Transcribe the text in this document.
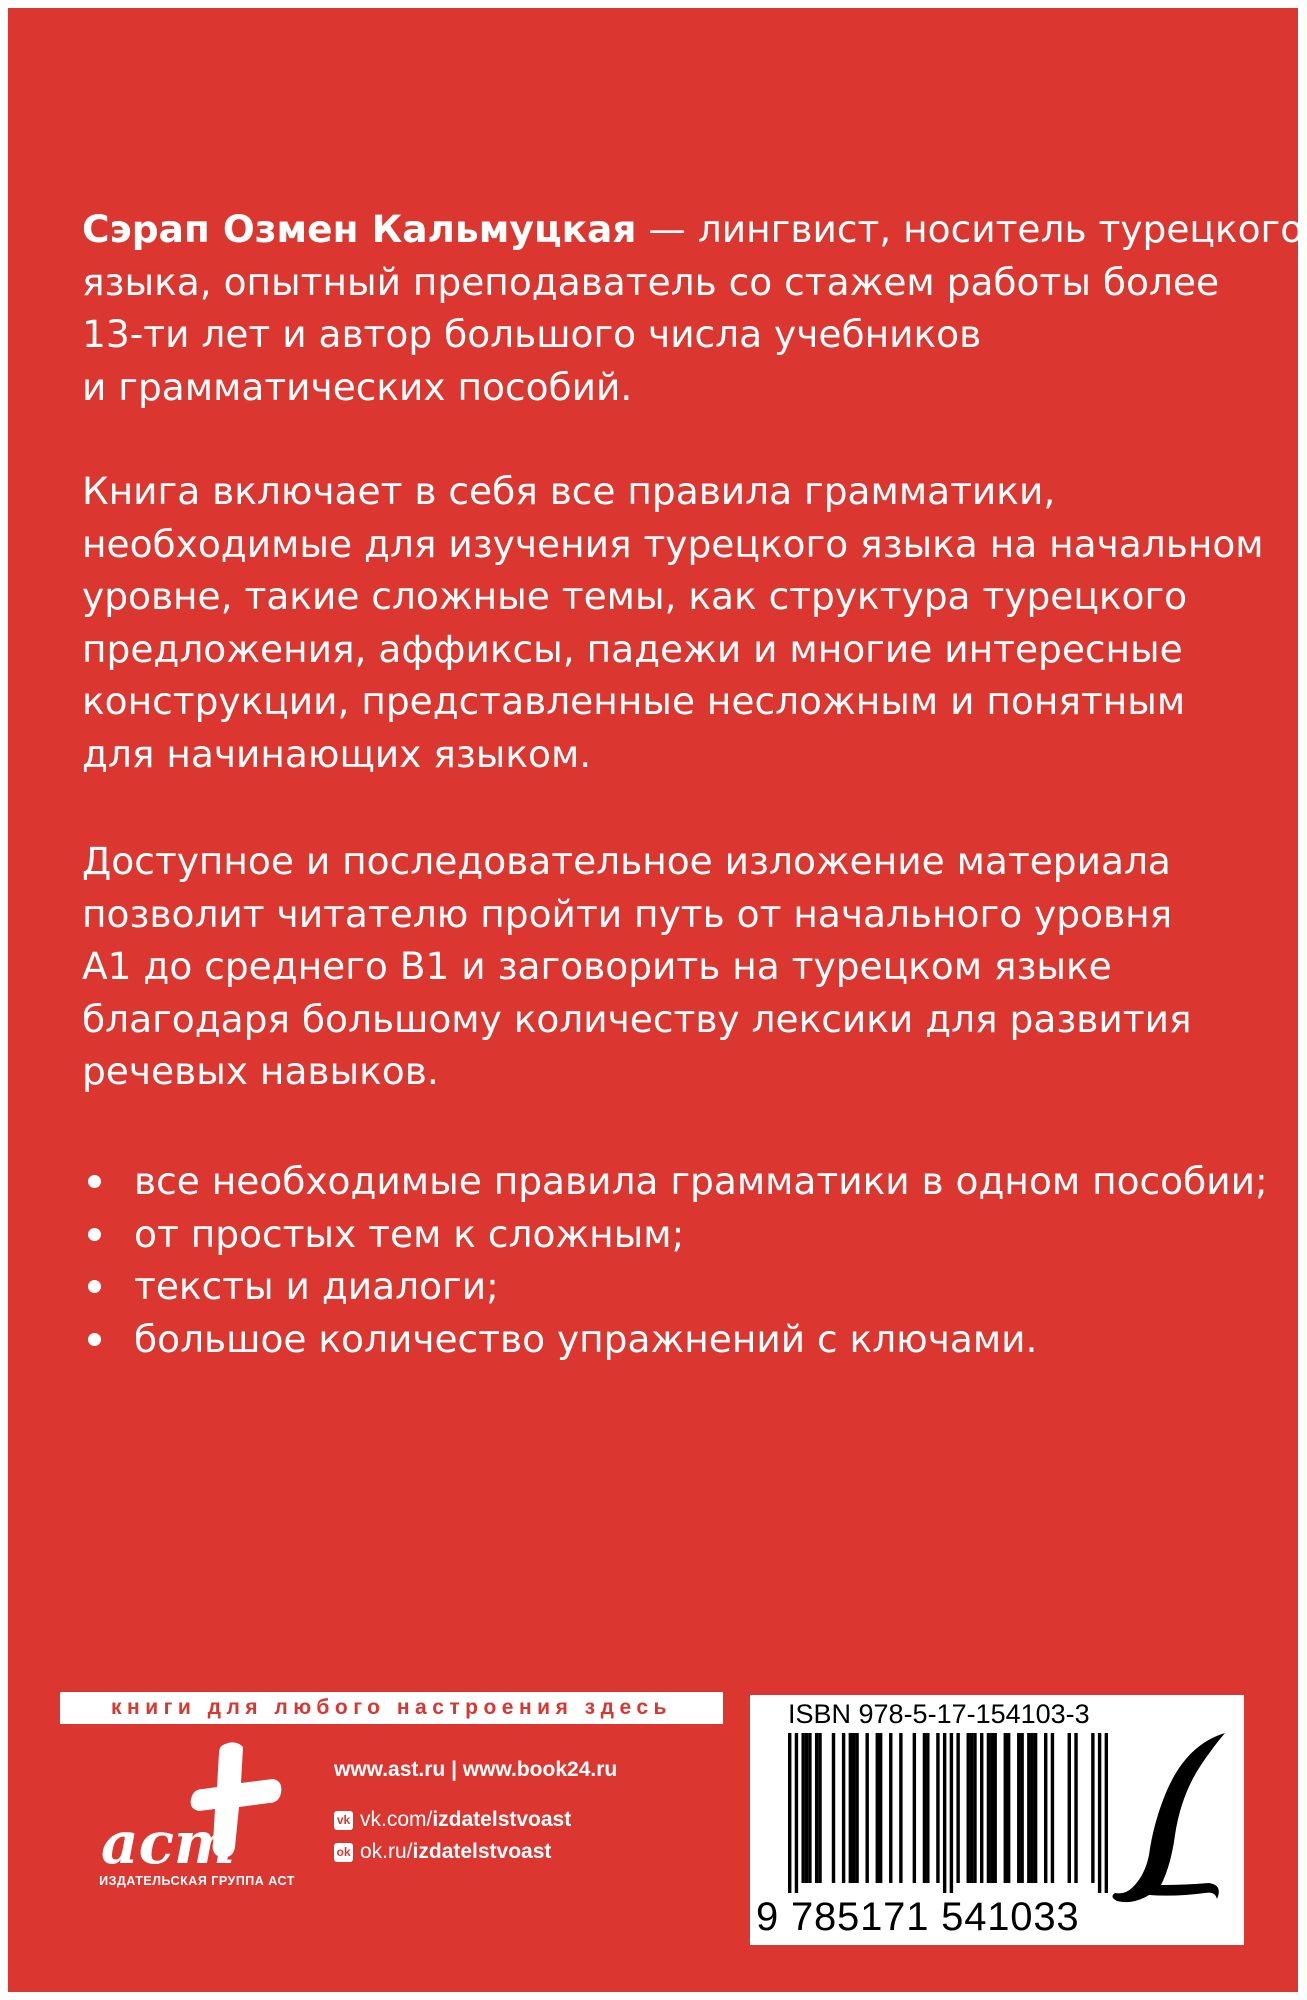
Сэрап Озмен Кальмуцкая — лингвист, носитель турецкого
языка, опытный преподаватель со стажем работы более
13-ти лет и автор большого числа учебников
и грамматических пособий.

Книга включает в себя все правила грамматики,
необходимые для изучения турецкого языка на начальном
уровне, такие сложные темы, как структура турецкого
предложения, аффиксы, падежи и многие интересные
конструкции, представленные несложным и понятным
для начинающих языком.

Доступное и последовательное изложение материала
позволит читателю пройти путь от начального уровня
А1 до среднего В1 и заговорить на турецком языке
благодаря большому количеству лексики для развития
речевых навыков.

все необходимые правила грамматики в одном пособии;
от простых тем к сложным;
тексты и диалоги;
большое количество упражнений с ключами.
книги для любого настроения здесь
аст
ИЗДАТЕЛЬСКАЯ ГРУППА АСТ
www.ast.ru | www.book24.ru
vk vk.com/ izdatelstvoast
ok ok.ru/ izdatelstvoast
ISBN 978-5-17-154103-3
9 785171 541033
